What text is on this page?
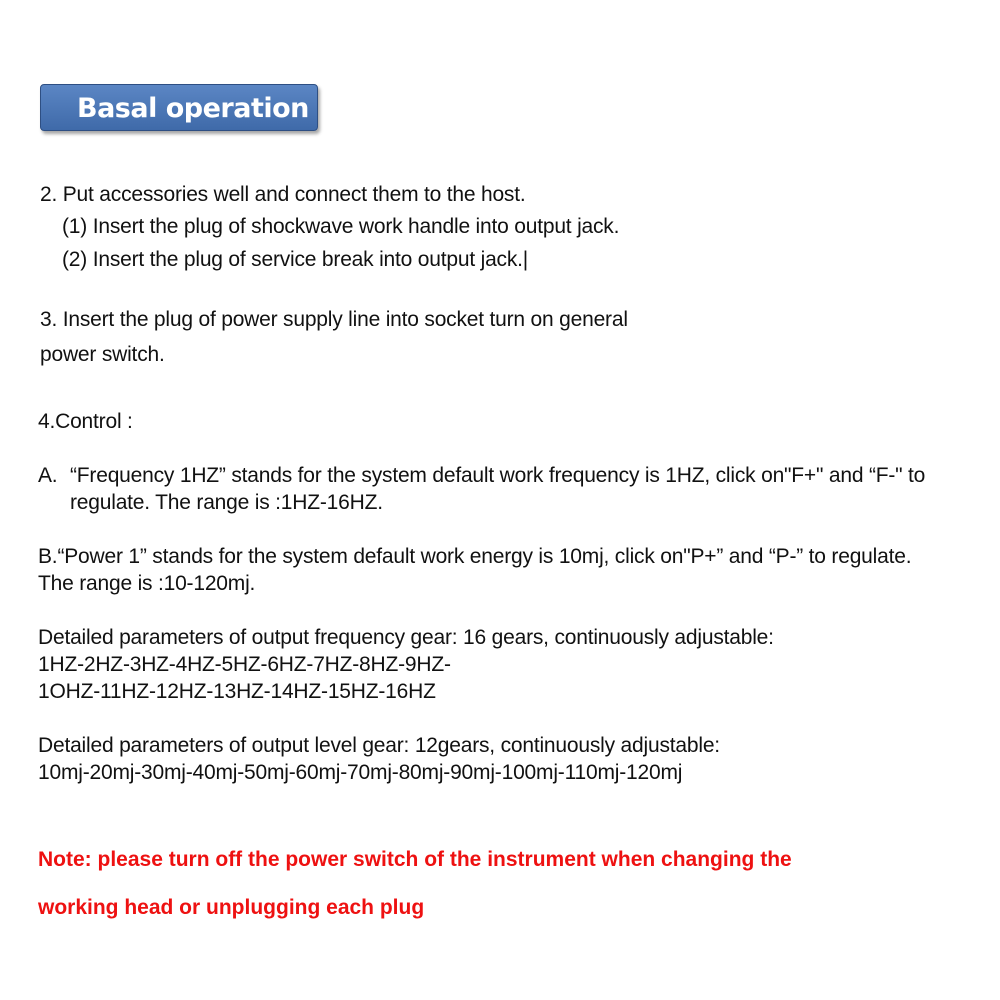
Basal operation
2. Put accessories well and connect them to the host.
(1) Insert the plug of shockwave work handle into output jack.
(2) Insert the plug of service break into output jack.|
3. Insert the plug of power supply line into socket turn on general
power switch.
4.Control :
A. “Frequency 1HZ” stands for the system default work frequency is 1HZ, click on"F+" and “F-" to
regulate. The range is :1HZ-16HZ.
B.“Power 1” stands for the system default work energy is 10mj, click on"P+” and “P-” to regulate.
The range is :10-120mj.
Detailed parameters of output frequency gear: 16 gears, continuously adjustable:
1HZ-2HZ-3HZ-4HZ-5HZ-6HZ-7HZ-8HZ-9HZ-
1OHZ-11HZ-12HZ-13HZ-14HZ-15HZ-16HZ
Detailed parameters of output level gear: 12gears, continuously adjustable:
10mj-20mj-30mj-40mj-50mj-60mj-70mj-80mj-90mj-100mj-110mj-120mj
Note: please turn off the power switch of the instrument when changing the
working head or unplugging each plug
